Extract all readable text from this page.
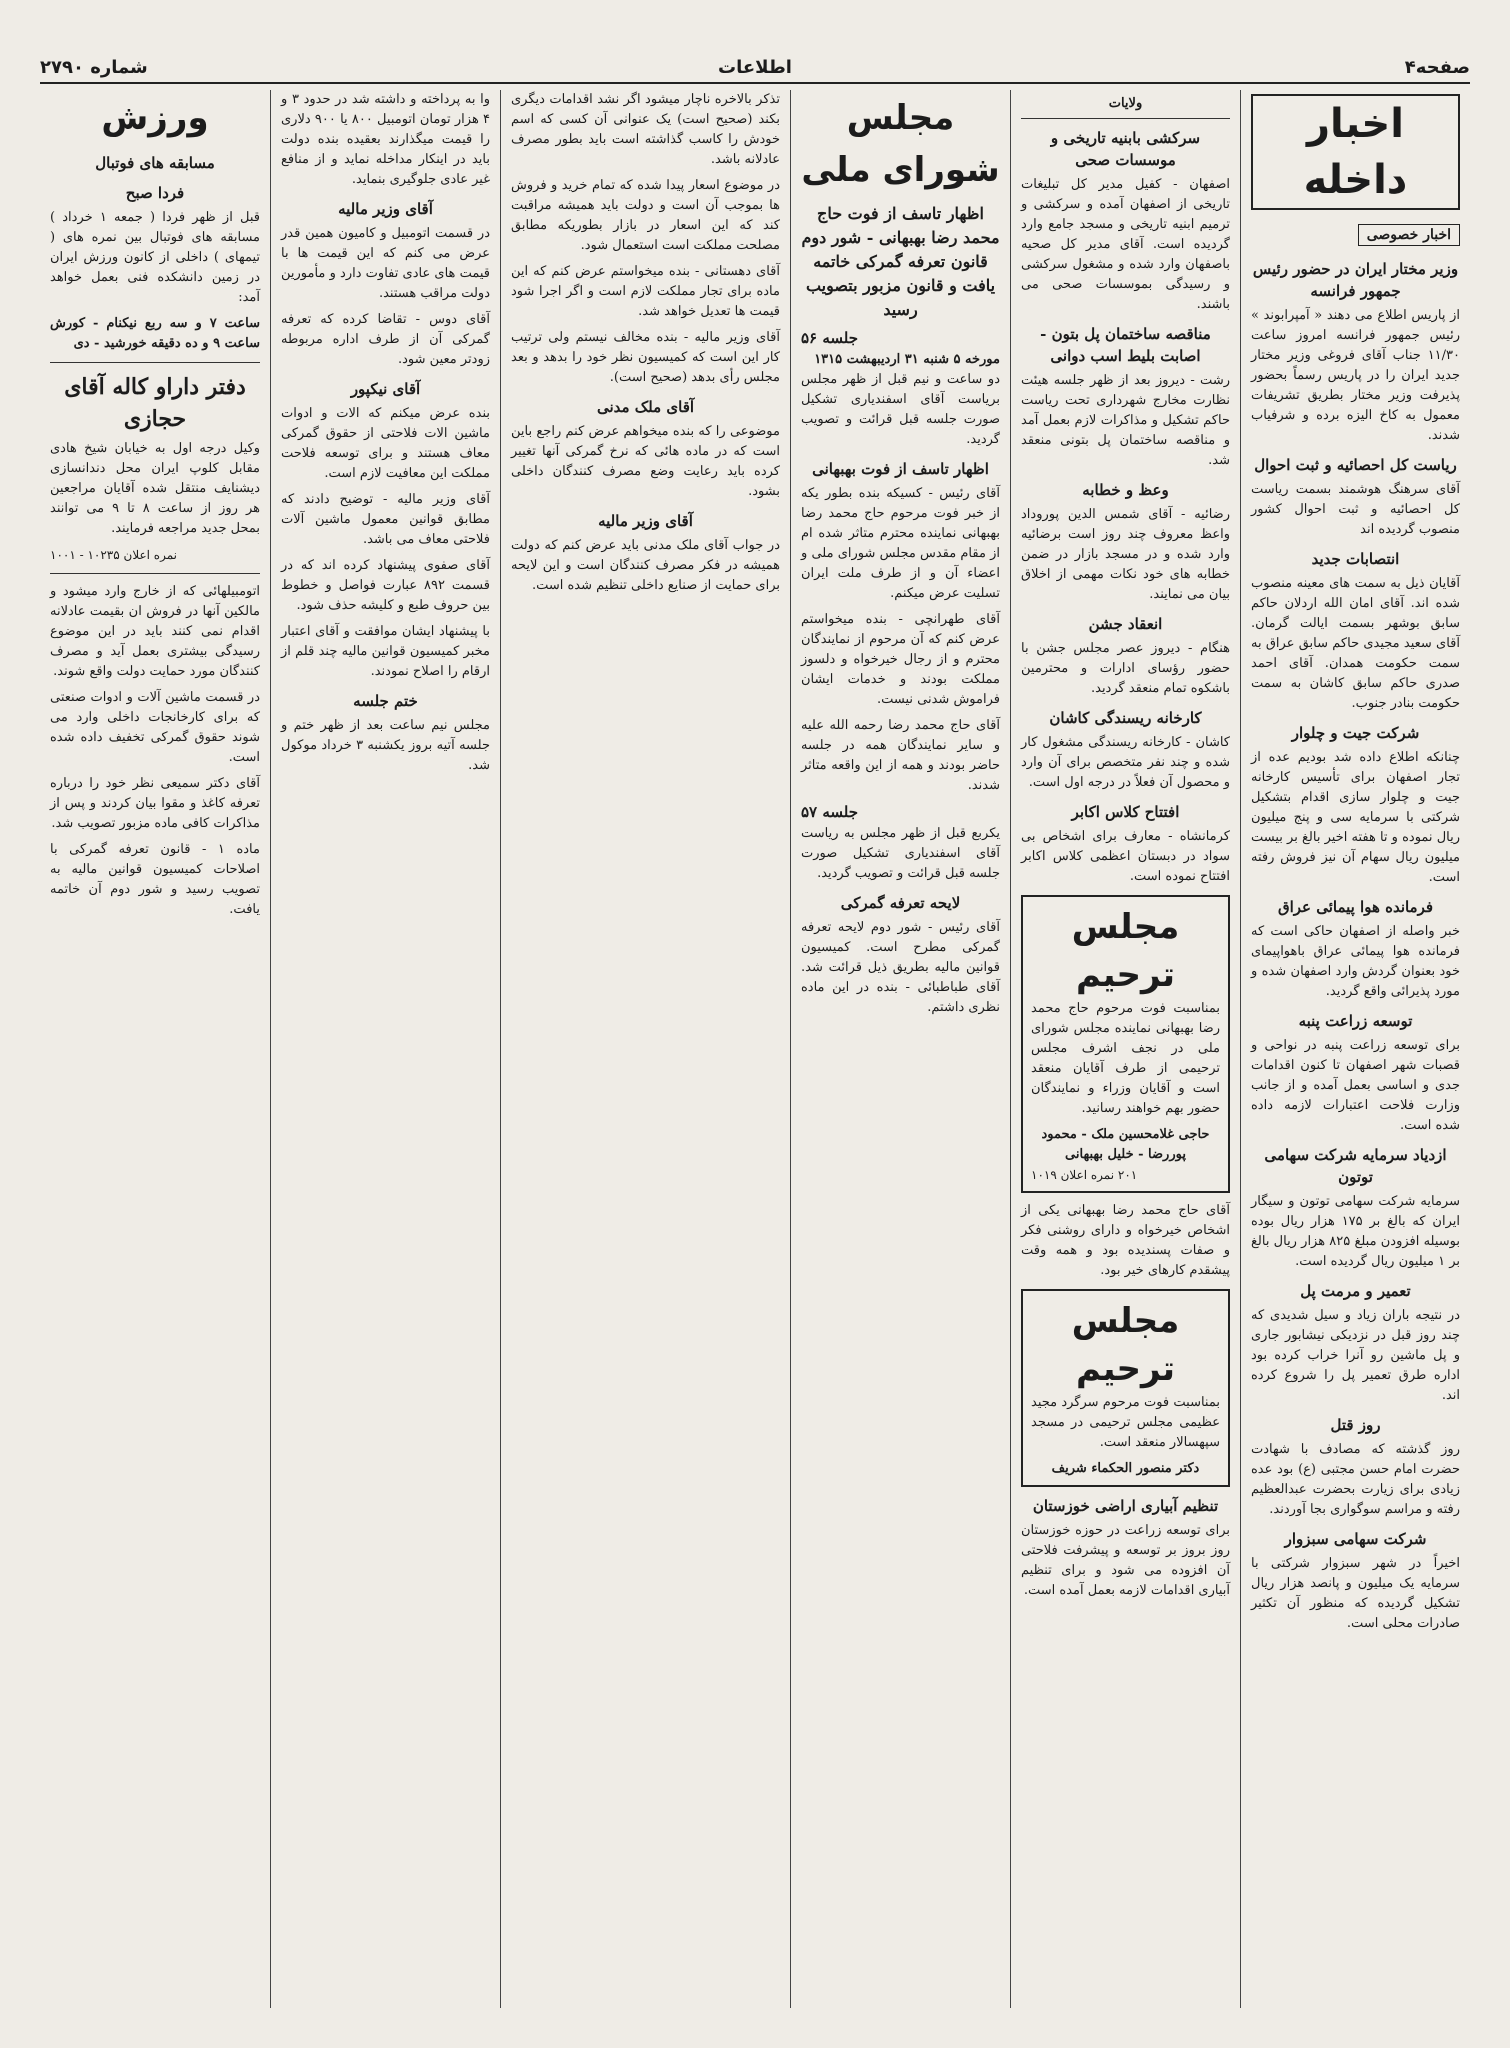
صفحه۴
اطلاعات
شماره ۲۷۹۰
اخبار داخله
اخبار خصوصی
وزیر مختار ایران در حضور رئیس جمهور فرانسه

از پاریس اطلاع می دهند « آمپرابوند » رئیس جمهور فرانسه امروز ساعت ۱۱/۳۰ جناب آقای فروغی وزیر مختار جدید ایران را در پاریس رسماً بحضور پذیرفت وزیر مختار بطریق تشریفات معمول به کاخ الیزه برده و شرفیاب شدند.

ریاست کل احصائیه و ثبت احوال

آقای سرهنگ هوشمند بسمت ریاست کل احصائیه و ثبت احوال کشور منصوب گردیده اند

انتصابات جدید

آقایان ذیل به سمت های معینه منصوب شده اند. آقای امان الله اردلان حاکم سابق بوشهر بسمت ایالت گرمان. آقای سعید مجیدی حاکم سابق عراق به سمت حکومت همدان. آقای احمد صدری حاکم سابق کاشان به سمت حکومت بنادر جنوب.

شرکت جیت و چلوار

چنانکه اطلاع داده شد بودیم عده از تجار اصفهان برای تأسیس کارخانه جیت و چلوار سازی اقدام بتشکیل شرکتی با سرمایه سی و پنج میلیون ریال نموده و تا هفته اخیر بالغ بر بیست میلیون ریال سهام آن نیز فروش رفته است.

فرمانده هوا پیمائی عراق

خبر واصله از اصفهان حاکی است که فرمانده هوا پیمائی عراق باهواپیمای خود بعنوان گردش وارد اصفهان شده و مورد پذیرائی واقع گردید.

توسعه زراعت پنبه

برای توسعه زراعت پنبه در نواحی و قصبات شهر اصفهان تا کنون اقدامات جدی و اساسی بعمل آمده و از جانب وزارت فلاحت اعتبارات لازمه داده شده است.

ازدیاد سرمایه شرکت سهامی توتون

سرمایه شرکت سهامی توتون و سیگار ایران که بالغ بر ۱۷۵ هزار ریال بوده بوسیله افزودن مبلغ ۸۲۵ هزار ریال بالغ بر ۱ میلیون ریال گردیده است.

تعمیر و مرمت پل

در نتیجه باران زیاد و سیل شدیدی که چند روز قبل در نزدیکی نیشابور جاری و پل ماشین رو آنرا خراب کرده بود اداره طرق تعمیر پل را شروع کرده اند.

روز قتل

روز گذشته که مصادف با شهادت حضرت امام حسن مجتبی (ع) بود عده زیادی برای زیارت بحضرت عبدالعظیم رفته و مراسم سوگواری بجا آوردند.

شرکت سهامی سبزوار

اخیراً در شهر سبزوار شرکتی با سرمایه یک میلیون و پانصد هزار ریال تشکیل گردیده که منظور آن تکثیر صادرات محلی است.

ولایات
سرکشی بابنیه تاریخی و موسسات صحی

اصفهان - کفیل مدیر کل تبلیغات تاریخی از اصفهان آمده و سرکشی و ترمیم ابنیه تاریخی و مسجد جامع وارد گردیده است. آقای مدیر کل صحیه باصفهان وارد شده و مشغول سرکشی و رسیدگی بموسسات صحی می باشند.

مناقصه ساختمان پل بتون - اصابت بلیط اسب دوانی

رشت - دیروز بعد از ظهر جلسه هیئت نظارت مخارج شهرداری تحت ریاست حاکم تشکیل و مذاکرات لازم بعمل آمد و مناقصه ساختمان پل بتونی منعقد شد.

وعظ و خطابه

رضائیه - آقای شمس الدین پوروداد واعظ معروف چند روز است برضائیه وارد شده و در مسجد بازار در ضمن خطابه های خود نکات مهمی از اخلاق بیان می نمایند.

انعقاد جشن

هنگام - دیروز عصر مجلس جشن با حضور رؤسای ادارات و محترمین باشکوه تمام منعقد گردید.

کارخانه ریسندگی کاشان

کاشان - کارخانه ریسندگی مشغول کار شده و چند نفر متخصص برای آن وارد و محصول آن فعلاً در درجه اول است.

افتتاح کلاس اکابر

کرمانشاه - معارف برای اشخاص بی سواد در دبستان اعظمی کلاس اکابر افتتاح نموده است.

مجلس ترحیم

بمناسبت فوت مرحوم حاج محمد رضا بهبهانی نماینده مجلس شورای ملی در نجف اشرف مجلس ترحیمی از طرف آقایان منعقد است و آقایان وزراء و نمایندگان حضور بهم خواهند رسانید.

حاجی غلامحسین ملک - محمود پوررضا - خلیل بهبهانی
۲۰۱ نمره اعلان ۱۰۱۹

آقای حاج محمد رضا بهبهانی یکی از اشخاص خیرخواه و دارای روشنی فکر و صفات پسندیده بود و همه وقت پیشقدم کارهای خیر بود.

مجلس ترحیم

بمناسبت فوت مرحوم سرگرد مجید عظیمی مجلس ترحیمی در مسجد سپهسالار منعقد است.

دکتر منصور الحکماء شریف
تنظیم آبیاری اراضی خوزستان

برای توسعه زراعت در حوزه خوزستان روز بروز بر توسعه و پیشرفت فلاحتی آن افزوده می شود و برای تنظیم آبیاری اقدامات لازمه بعمل آمده است.

مجلس شورای ملی
اظهار تاسف از فوت حاج محمد رضا بهبهانی - شور دوم قانون تعرفه گمرکی خاتمه یافت و قانون مزبور بتصویب رسید
جلسه ۵۶
مورخه ۵ شنبه ۳۱ اردیبهشت ۱۳۱۵

دو ساعت و نیم قبل از ظهر مجلس بریاست آقای اسفندیاری تشکیل صورت جلسه قبل قرائت و تصویب گردید.

اظهار تاسف از فوت بهبهانی

آقای رئیس - کسیکه بنده بطور یکه از خبر فوت مرحوم حاج محمد رضا بهبهانی نماینده محترم متاثر شده ام از مقام مقدس مجلس شورای ملی و اعضاء آن و از طرف ملت ایران تسلیت عرض میکنم.

آقای طهرانچی - بنده میخواستم عرض کنم که آن مرحوم از نمایندگان محترم و از رجال خیرخواه و دلسوز مملکت بودند و خدمات ایشان فراموش شدنی نیست.

آقای حاج محمد رضا رحمه الله علیه و سایر نمایندگان همه در جلسه حاضر بودند و همه از این واقعه متاثر شدند.

جلسه ۵۷

یکربع قبل از ظهر مجلس به ریاست آقای اسفندیاری تشکیل صورت جلسه قبل قرائت و تصویب گردید.

لایحه تعرفه گمرکی

آقای رئیس - شور دوم لایحه تعرفه گمرکی مطرح است. کمیسیون قوانین مالیه بطریق ذیل قرائت شد. آقای طباطبائی - بنده در این ماده نظری داشتم.

تذکر بالاخره ناچار میشود اگر نشد اقدامات دیگری بکند (صحیح است) یک عنوانی آن کسی که اسم خودش را کاسب گذاشته است باید بطور مصرف عادلانه باشد.

در موضوع اسعار پیدا شده که تمام خرید و فروش ها بموجب آن است و دولت باید همیشه مراقبت کند که این اسعار در بازار بطوریکه مطابق مصلحت مملکت است استعمال شود.

آقای دهستانی - بنده میخواستم عرض کنم که این ماده برای تجار مملکت لازم است و اگر اجرا شود قیمت ها تعدیل خواهد شد.

آقای وزیر مالیه - بنده مخالف نیستم ولی ترتیب کار این است که کمیسیون نظر خود را بدهد و بعد مجلس رأی بدهد (صحیح است).

آقای ملک مدنی

موضوعی را که بنده میخواهم عرض کنم راجع باین است که در ماده هائی که نرخ گمرکی آنها تغییر کرده باید رعایت وضع مصرف کنندگان داخلی بشود.

آقای وزیر مالیه

در جواب آقای ملک مدنی باید عرض کنم که دولت همیشه در فکر مصرف کنندگان است و این لایحه برای حمایت از صنایع داخلی تنظیم شده است.

وا به پرداخته و داشته شد در حدود ۳ و ۴ هزار تومان اتومبیل ۸۰۰ یا ۹۰۰ دلاری را قیمت میگذارند بعقیده بنده دولت باید در اینکار مداخله نماید و از منافع غیر عادی جلوگیری بنماید.

آقای وزیر مالیه

در قسمت اتومبیل و کامیون همین قدر عرض می کنم که این قیمت ها با قیمت های عادی تفاوت دارد و مأمورین دولت مراقب هستند.

آقای دوس - تقاضا کرده که تعرفه گمرکی آن از طرف اداره مربوطه زودتر معین شود.

آقای نیکپور

بنده عرض میکنم که الات و ادوات ماشین الات فلاحتی از حقوق گمرکی معاف هستند و برای توسعه فلاحت مملکت این معافیت لازم است.

آقای وزیر مالیه - توضیح دادند که مطابق قوانین معمول ماشین آلات فلاحتی معاف می باشد.

آقای صفوی پیشنهاد کرده اند که در قسمت ۸۹۲ عبارت فواصل و خطوط بین حروف طبع و کلیشه حذف شود.

با پیشنهاد ایشان موافقت و آقای اعتبار مخبر کمیسیون قوانین مالیه چند قلم از ارقام را اصلاح نمودند.

ختم جلسه

مجلس نیم ساعت بعد از ظهر ختم و جلسه آتیه بروز یکشنبه ۳ خرداد موکول شد.

ورزش
مسابقه های فوتبال
فردا صبح

قبل از ظهر فردا ( جمعه ۱ خرداد ) مسابقه های فوتبال بین نمره های ( تیمهای ) داخلی از کانون ورزش ایران در زمین دانشکده فنی بعمل خواهد آمد:

ساعت ۷ و سه ربع نیکنام - کورش ساعت ۹ و ده دقیقه خورشید - دی

دفتر داراو کاله آقای حجازی

وکیل درجه اول به خیابان شیخ هادی مقابل کلوپ ایران محل دندانسازی دیشنایف منتقل شده آقایان مراجعین هر روز از ساعت ۸ تا ۹ می توانند بمحل جدید مراجعه فرمایند.

نمره اعلان ۱۰۲۳۵ - ۱۰۰۱

اتومبیلهائی که از خارج وارد میشود و مالکین آنها در فروش ان بقیمت عادلانه اقدام نمی کنند باید در این موضوع رسیدگی بیشتری بعمل آید و مصرف کنندگان مورد حمایت دولت واقع شوند.

در قسمت ماشین آلات و ادوات صنعتی که برای کارخانجات داخلی وارد می شوند حقوق گمرکی تخفیف داده شده است.

آقای دکتر سمیعی نظر خود را درباره تعرفه کاغذ و مقوا بیان کردند و پس از مذاکرات کافی ماده مزبور تصویب شد.

ماده ۱ - قانون تعرفه گمرکی با اصلاحات کمیسیون قوانین مالیه به تصویب رسید و شور دوم آن خاتمه یافت.
